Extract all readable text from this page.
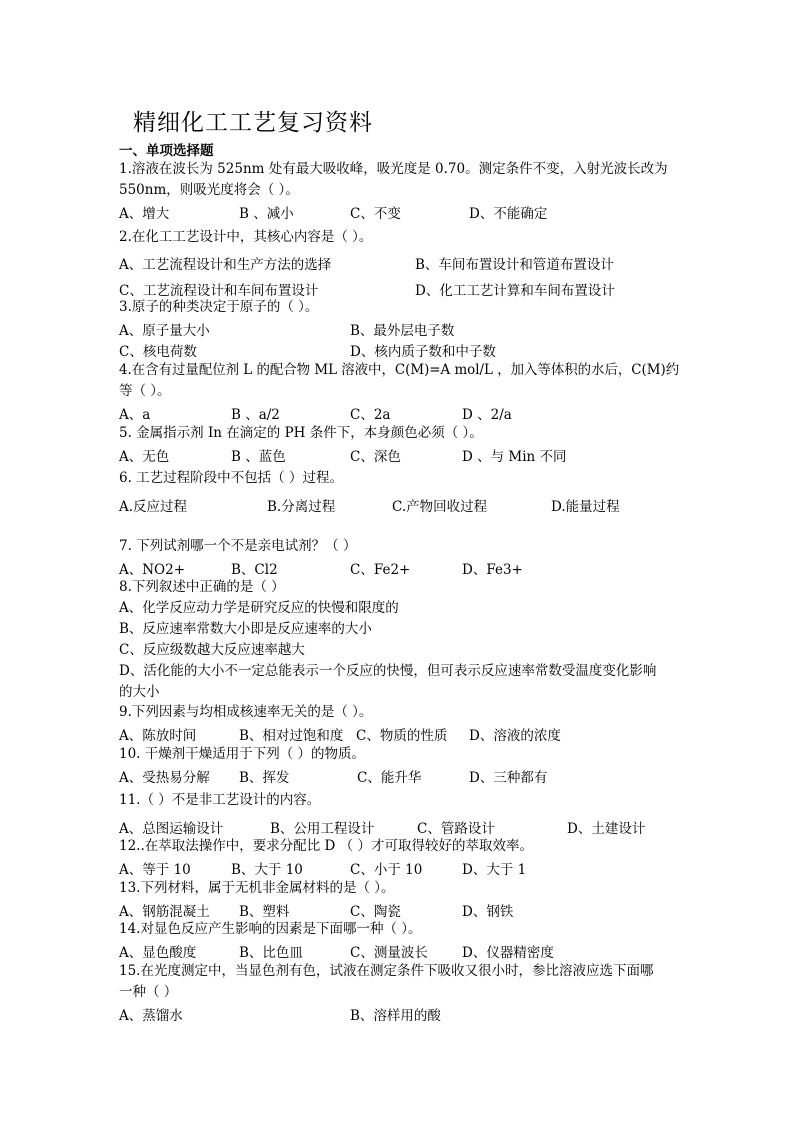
精细化工工艺复习资料
一、单项选择题
1.溶液在波长为 525nm 处有最大吸收峰，吸光度是 0.70。测定条件不变，入射光波长改为
550nm，则吸光度将会（ ）。
A、增大	B 、减小	C、不变	D、不能确定
2.在化工工艺设计中，其核心内容是（ ）。
A、工艺流程设计和生产方法的选择	B、车间布置设计和管道布置设计
C、工艺流程设计和车间布置设计	D、化工工艺计算和车间布置设计
3.原子的种类决定于原子的（ ）。
A、原子量大小	B、最外层电子数
C、核电荷数	D、核内质子数和中子数
4.在含有过量配位剂 L 的配合物 ML 溶液中，C(M)=A mol/L ，加入等体积的水后，C(M)约
等（ ）。
A、a	B 、a/2	C、2a	D 、2/a
5. 金属指示剂 In 在滴定的 PH 条件下，本身颜色必须（ ）。
A、无色	B 、蓝色	C、深色	D 、与 Min 不同
6. 工艺过程阶段中不包括（ ）过程。
A.反应过程	B.分离过程	C.产物回收过程	D.能量过程
7. 下列试剂哪一个不是亲电试剂？（ ）
A、NO2+	B、Cl2	C、Fe2+	D、Fe3+
8.下列叙述中正确的是（ ）
A、化学反应动力学是研究反应的快慢和限度的
B、反应速率常数大小即是反应速率的大小
C、反应级数越大反应速率越大
D、活化能的大小不一定总能表示一个反应的快慢，但可表示反应速率常数受温度变化影响
的大小
9.下列因素与均相成核速率无关的是（ ）。
A、陈放时间	B、相对过饱和度 C、物质的性质 D、溶液的浓度
10. 干燥剂干燥适用于下列（ ）的物质。
A、受热易分解 B、挥发	C、能升华	D、三种都有
11.（ ）不是非工艺设计的内容。
A、总图运输设计	B、公用工程设计	C、管路设计	D、土建设计
12..在萃取法操作中，要求分配比 D （ ）才可取得较好的萃取效率。
A、等于 10	B、大于 10	C、小于 10	D、大于 1
13.下列材料，属于无机非金属材料的是（ ）。
A、钢筋混凝土 B、塑料	C、陶瓷	D、钢铁
14.对显色反应产生影响的因素是下面哪一种（ ）。
A、显色酸度	B、比色皿	C、测量波长	D、仪器精密度
15.在光度测定中，当显色剂有色，试液在测定条件下吸收又很小时，参比溶液应选下面哪
一种（ ）
A、蒸馏水	B、溶样用的酸
